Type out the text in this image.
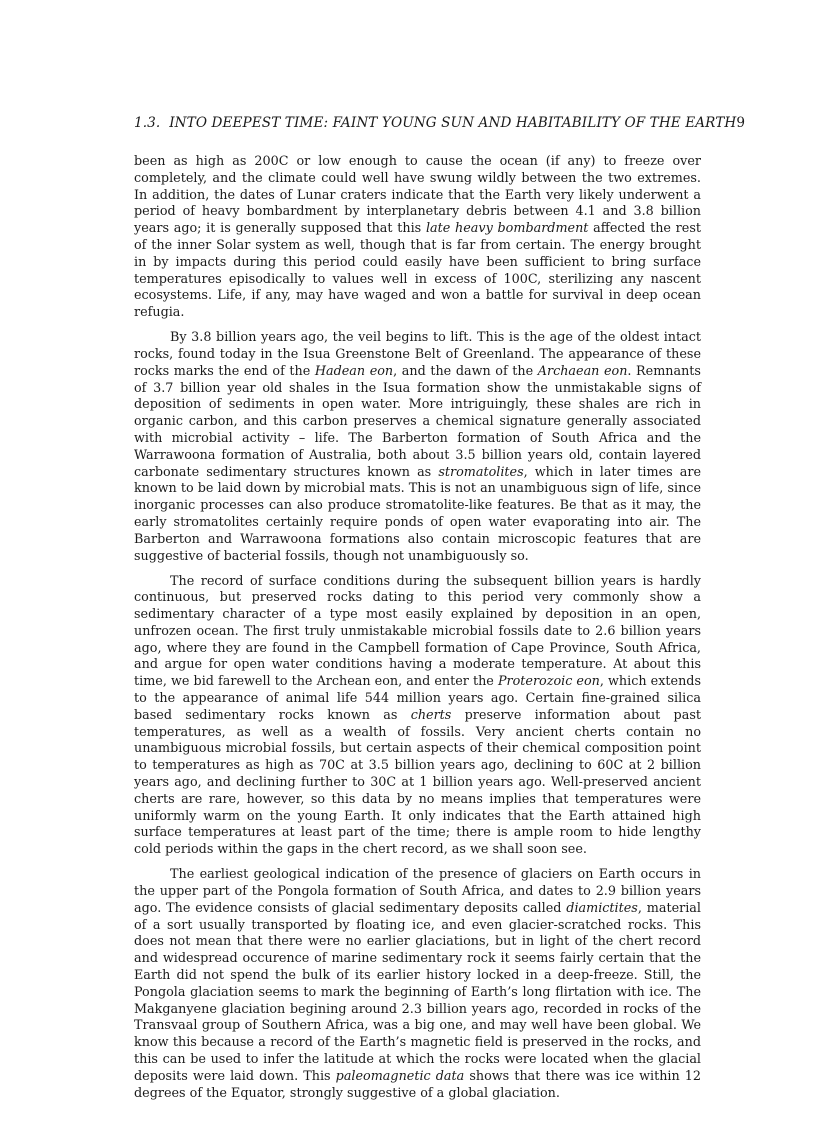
1.3. INTO DEEPEST TIME: FAINT YOUNG SUN AND HABITABILITY OF THE EARTH 9

been as high as 200C or low enough to cause the ocean (if any) to freeze over completely, and the climate could well have swung wildly between the two extremes. In addition, the dates of Lunar craters indicate that the Earth very likely underwent a period of heavy bombardment by interplanetary debris between 4.1 and 3.8 billion years ago; it is generally supposed that this late heavy bombardment affected the rest of the inner Solar system as well, though that is far from certain. The energy brought in by impacts during this period could easily have been sufficient to bring surface temperatures episodically to values well in excess of 100C, sterilizing any nascent ecosystems. Life, if any, may have waged and won a battle for survival in deep ocean refugia.

By 3.8 billion years ago, the veil begins to lift. This is the age of the oldest intact rocks, found today in the Isua Greenstone Belt of Greenland. The appearance of these rocks marks the end of the Hadean eon, and the dawn of the Archaean eon. Remnants of 3.7 billion year old shales in the Isua formation show the unmistakable signs of deposition of sediments in open water. More intriguingly, these shales are rich in organic carbon, and this carbon preserves a chemical signature generally associated with microbial activity – life. The Barberton formation of South Africa and the Warrawoona formation of Australia, both about 3.5 billion years old, contain layered carbonate sedimentary structures known as stromatolites, which in later times are known to be laid down by microbial mats. This is not an unambiguous sign of life, since inorganic processes can also produce stromatolite-like features. Be that as it may, the early stromatolites certainly require ponds of open water evaporating into air. The Barberton and Warrawoona formations also contain microscopic features that are suggestive of bacterial fossils, though not unambiguously so.

The record of surface conditions during the subsequent billion years is hardly continuous, but preserved rocks dating to this period very commonly show a sedimentary character of a type most easily explained by deposition in an open, unfrozen ocean. The first truly unmistakable microbial fossils date to 2.6 billion years ago, where they are found in the Campbell formation of Cape Province, South Africa, and argue for open water conditions having a moderate temperature. At about this time, we bid farewell to the Archean eon, and enter the Proterozoic eon, which extends to the appearance of animal life 544 million years ago. Certain fine-grained silica based sedimentary rocks known as cherts preserve information about past temperatures, as well as a wealth of fossils. Very ancient cherts contain no unambiguous microbial fossils, but certain aspects of their chemical composition point to temperatures as high as 70C at 3.5 billion years ago, declining to 60C at 2 billion years ago, and declining further to 30C at 1 billion years ago. Well-preserved ancient cherts are rare, however, so this data by no means implies that temperatures were uniformly warm on the young Earth. It only indicates that the Earth attained high surface temperatures at least part of the time; there is ample room to hide lengthy cold periods within the gaps in the chert record, as we shall soon see.

The earliest geological indication of the presence of glaciers on Earth occurs in the upper part of the Pongola formation of South Africa, and dates to 2.9 billion years ago. The evidence consists of glacial sedimentary deposits called diamictites, material of a sort usually transported by floating ice, and even glacier-scratched rocks. This does not mean that there were no earlier glaciations, but in light of the chert record and widespread occurence of marine sedimentary rock it seems fairly certain that the Earth did not spend the bulk of its earlier history locked in a deep-freeze. Still, the Pongola glaciation seems to mark the beginning of Earth’s long flirtation with ice. The Makganyene glaciation begining around 2.3 billion years ago, recorded in rocks of the Transvaal group of Southern Africa, was a big one, and may well have been global. We know this because a record of the Earth’s magnetic field is preserved in the rocks, and this can be used to infer the latitude at which the rocks were located when the glacial deposits were laid down. This paleomagnetic data shows that there was ice within 12 degrees of the Equator, strongly suggestive of a global glaciation.
